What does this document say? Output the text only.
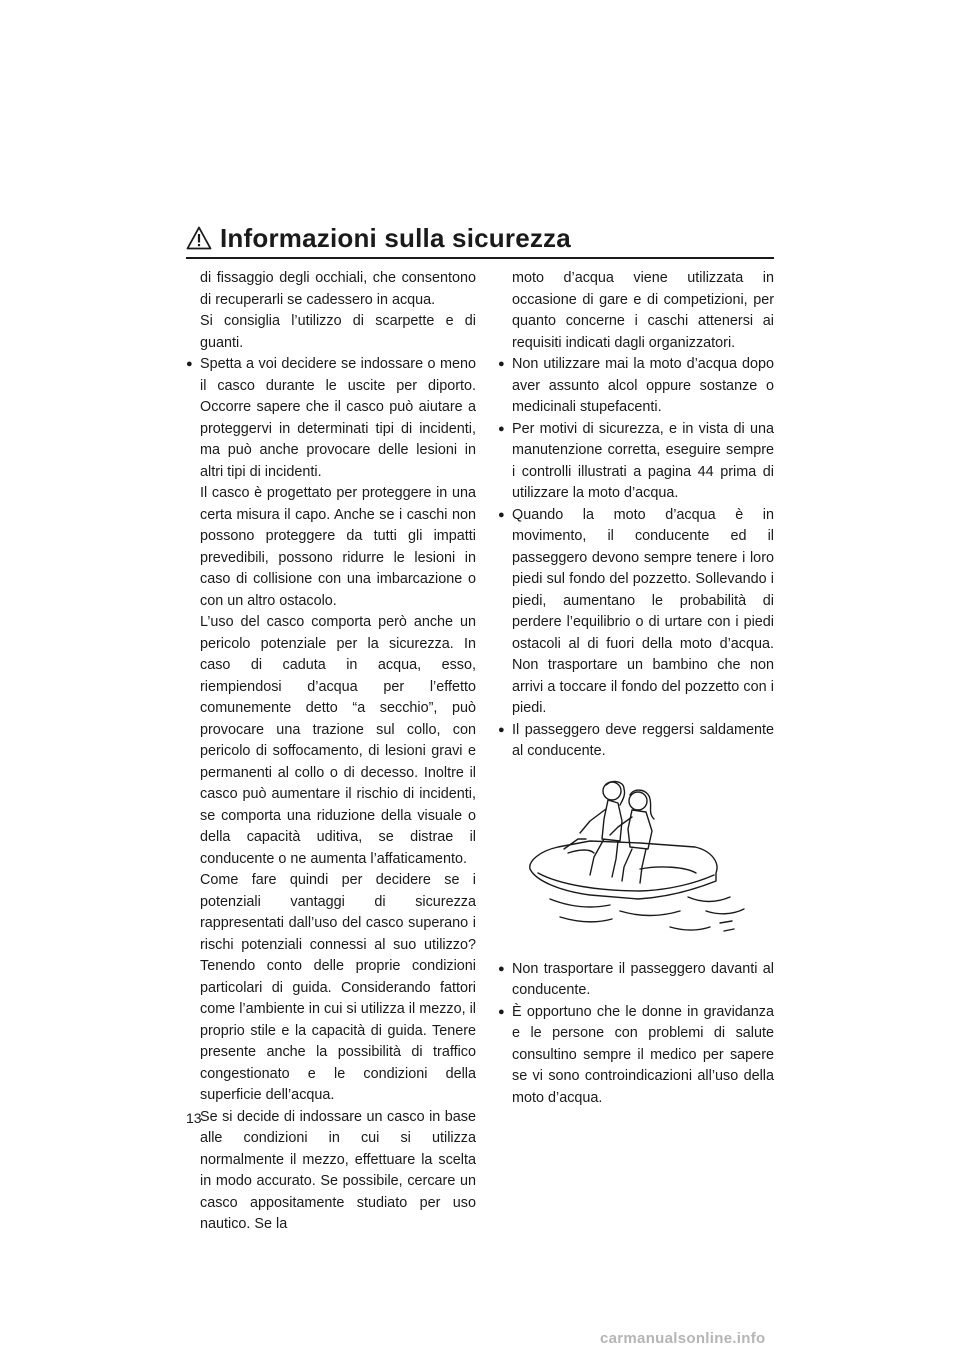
Informazioni sulla sicurezza

di fissaggio degli occhiali, che consentono di recuperarli se cadessero in acqua.

Si consiglia l’utilizzo di scarpette e di guanti.

● Spetta a voi decidere se indossare o meno il casco durante le uscite per diporto. Occorre sapere che il casco può aiutare a proteggervi in determinati tipi di incidenti, ma può anche provocare delle lesioni in altri tipi di incidenti.

Il casco è progettato per proteggere in una certa misura il capo. Anche se i caschi non possono proteggere da tutti gli impatti prevedibili, possono ridurre le lesioni in caso di collisione con una imbarcazione o con un altro ostacolo.

L’uso del casco comporta però anche un pericolo potenziale per la sicurezza. In caso di caduta in acqua, esso, riempiendosi d’acqua per l’effetto comunemente detto “a secchio”, può provocare una trazione sul collo, con pericolo di soffocamento, di lesioni gravi e permanenti al collo o di decesso. Inoltre il casco può aumentare il rischio di incidenti, se comporta una riduzione della visuale o della capacità uditiva, se distrae il conducente o ne aumenta l’affaticamento.

Come fare quindi per decidere se i potenziali vantaggi di sicurezza rappresentati dall’uso del casco superano i rischi potenziali connessi al suo utilizzo? Tenendo conto delle proprie condizioni particolari di guida. Considerando fattori come l’ambiente in cui si utilizza il mezzo, il proprio stile e la capacità di guida. Tenere presente anche la possibilità di traffico congestionato e le condizioni della superficie dell’acqua.

Se si decide di indossare un casco in base alle condizioni in cui si utilizza normalmente il mezzo, effettuare la scelta in modo accurato. Se possibile, cercare un casco appositamente studiato per uso nautico. Se la

moto d’acqua viene utilizzata in occasione di gare e di competizioni, per quanto concerne i caschi attenersi ai requisiti indicati dagli organizzatori.

● Non utilizzare mai la moto d’acqua dopo aver assunto alcol oppure sostanze o medicinali stupefacenti.

● Per motivi di sicurezza, e in vista di una manutenzione corretta, eseguire sempre i controlli illustrati a pagina 44 prima di utilizzare la moto d’acqua.

● Quando la moto d’acqua è in movimento, il conducente ed il passeggero devono sempre tenere i loro piedi sul fondo del pozzetto. Sollevando i piedi, aumentano le probabilità di perdere l’equilibrio o di urtare con i piedi ostacoli al di fuori della moto d’acqua. Non trasportare un bambino che non arrivi a toccare il fondo del pozzetto con i piedi.

● Il passeggero deve reggersi saldamente al conducente.

● Non trasportare il passeggero davanti al conducente.

● È opportuno che le donne in gravidanza e le persone con problemi di salute consultino sempre il medico per sapere se vi sono controindicazioni all’uso della moto d’acqua.

13
carmanualsonline.info
